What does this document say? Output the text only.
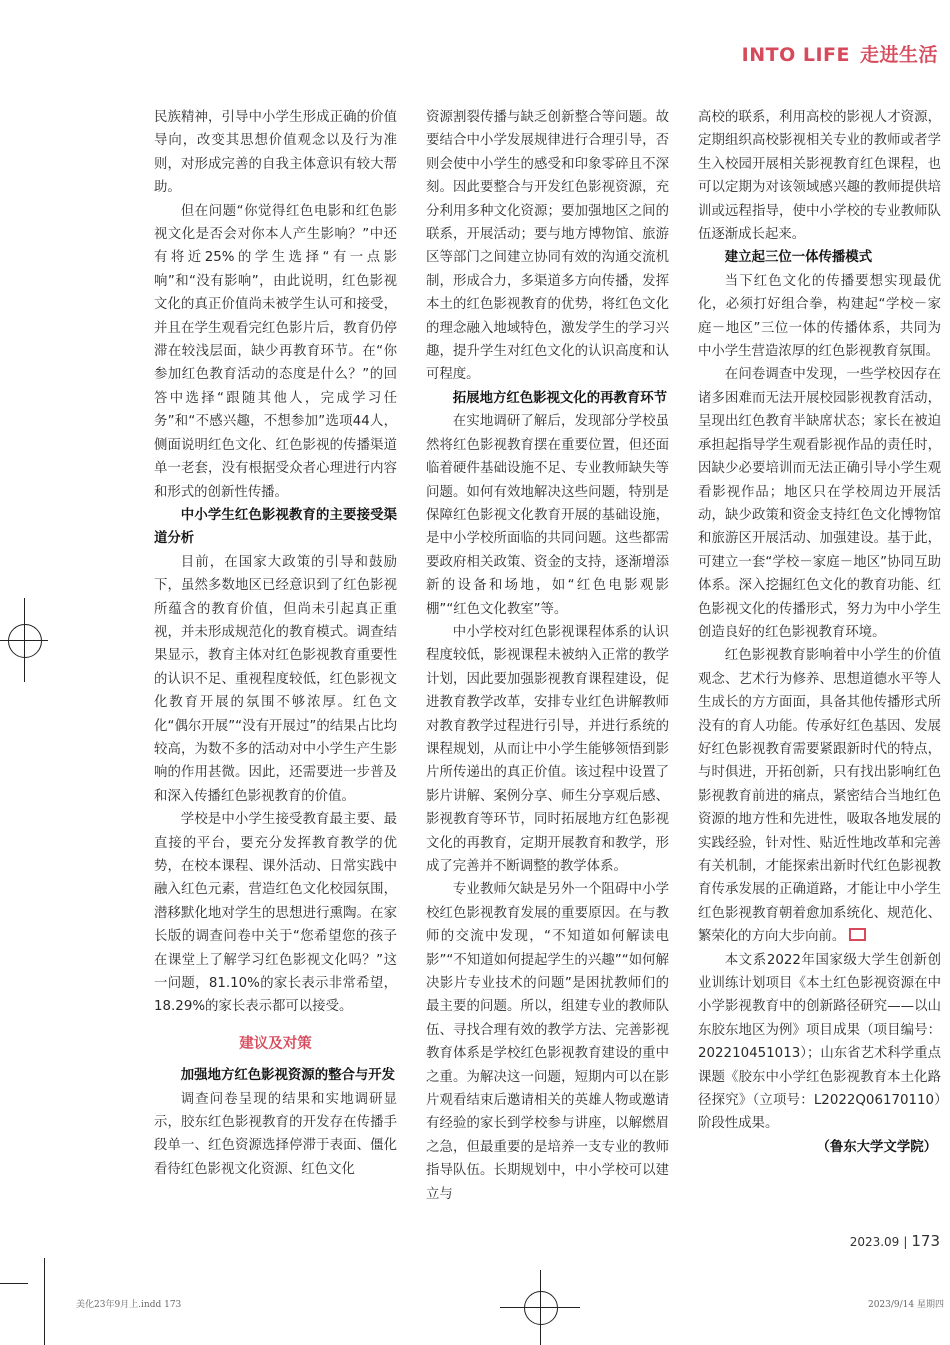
INTO LIFE 走进生活

民族精神，引导中小学生形成正确的价值导向，改变其思想价值观念以及行为准则，对形成完善的自我主体意识有较大帮助。

但在问题“你觉得红色电影和红色影视文化是否会对你本人产生影响？”中还有将近25%的学生选择“有一点影响”和“没有影响”，由此说明，红色影视文化的真正价值尚未被学生认可和接受，并且在学生观看完红色影片后，教育仍停滞在较浅层面，缺少再教育环节。在“你参加红色教育活动的态度是什么？”的回答中选择“跟随其他人，完成学习任务”和“不感兴趣，不想参加”选项44人，侧面说明红色文化、红色影视的传播渠道单一老套，没有根据受众者心理进行内容和形式的创新性传播。

中小学生红色影视教育的主要接受渠道分析

目前，在国家大政策的引导和鼓励下，虽然多数地区已经意识到了红色影视所蕴含的教育价值，但尚未引起真正重视，并未形成规范化的教育模式。调查结果显示，教育主体对红色影视教育重要性的认识不足、重视程度较低，红色影视文化教育开展的氛围不够浓厚。红色文化“偶尔开展”“没有开展过”的结果占比均较高，为数不多的活动对中小学生产生影响的作用甚微。因此，还需要进一步普及和深入传播红色影视教育的价值。

学校是中小学生接受教育最主要、最直接的平台，要充分发挥教育教学的优势，在校本课程、课外活动、日常实践中融入红色元素，营造红色文化校园氛围，潜移默化地对学生的思想进行熏陶。在家长版的调查问卷中关于“您希望您的孩子在课堂上了解学习红色影视文化吗？”这一问题，81.10%的家长表示非常希望，18.29%的家长表示都可以接受。

建议及对策
加强地方红色影视资源的整合与开发

调查问卷呈现的结果和实地调研显示，胶东红色影视教育的开发存在传播手段单一、红色资源选择停滞于表面、僵化看待红色影视文化资源、红色文化

资源割裂传播与缺乏创新整合等问题。故要结合中小学发展规律进行合理引导，否则会使中小学生的感受和印象零碎且不深刻。因此要整合与开发红色影视资源，充分利用多种文化资源；要加强地区之间的联系，开展活动；要与地方博物馆、旅游区等部门之间建立协同有效的沟通交流机制，形成合力，多渠道多方向传播，发挥本土的红色影视教育的优势，将红色文化的理念融入地域特色，激发学生的学习兴趣，提升学生对红色文化的认识高度和认可程度。

拓展地方红色影视文化的再教育环节

在实地调研了解后，发现部分学校虽然将红色影视教育摆在重要位置，但还面临着硬件基础设施不足、专业教师缺失等问题。如何有效地解决这些问题，特别是保障红色影视文化教育开展的基础设施，是中小学校所面临的共同问题。这些都需要政府相关政策、资金的支持，逐渐增添新的设备和场地，如“红色电影观影棚”“红色文化教室”等。

中小学校对红色影视课程体系的认识程度较低，影视课程未被纳入正常的教学计划，因此要加强影视教育课程建设，促进教育教学改革，安排专业红色讲解教师对教育教学过程进行引导，并进行系统的课程规划，从而让中小学生能够领悟到影片所传递出的真正价值。该过程中设置了影片讲解、案例分享、师生分享观后感、影视教育等环节，同时拓展地方红色影视文化的再教育，定期开展教育和教学，形成了完善并不断调整的教学体系。

专业教师欠缺是另外一个阻碍中小学校红色影视教育发展的重要原因。在与教师的交流中发现，“不知道如何解读电影”“不知道如何提起学生的兴趣”“如何解决影片专业技术的问题”是困扰教师们的最主要的问题。所以，组建专业的教师队伍、寻找合理有效的教学方法、完善影视教育体系是学校红色影视教育建设的重中之重。为解决这一问题，短期内可以在影片观看结束后邀请相关的英雄人物或邀请有经验的家长到学校参与讲座，以解燃眉之急，但最重要的是培养一支专业的教师指导队伍。长期规划中，中小学校可以建立与

高校的联系，利用高校的影视人才资源，定期组织高校影视相关专业的教师或者学生入校园开展相关影视教育红色课程，也可以定期为对该领域感兴趣的教师提供培训或远程指导，使中小学校的专业教师队伍逐渐成长起来。

建立起三位一体传播模式

当下红色文化的传播要想实现最优化，必须打好组合拳，构建起“学校－家庭－地区”三位一体的传播体系，共同为中小学生营造浓厚的红色影视教育氛围。

在问卷调查中发现，一些学校因存在诸多困难而无法开展校园影视教育活动，呈现出红色教育半缺席状态；家长在被迫承担起指导学生观看影视作品的责任时，因缺少必要培训而无法正确引导小学生观看影视作品；地区只在学校周边开展活动，缺少政策和资金支持红色文化博物馆和旅游区开展活动、加强建设。基于此，可建立一套“学校－家庭－地区”协同互助体系。深入挖掘红色文化的教育功能、红色影视文化的传播形式，努力为中小学生创造良好的红色影视教育环境。

红色影视教育影响着中小学生的价值观念、艺术行为修养、思想道德水平等人生成长的方方面面，具备其他传播形式所没有的育人功能。传承好红色基因、发展好红色影视教育需要紧跟新时代的特点，与时俱进，开拓创新，只有找出影响红色影视教育前进的痛点，紧密结合当地红色资源的地方性和先进性，吸取各地发展的实践经验，针对性、贴近性地改革和完善有关机制，才能探索出新时代红色影视教育传承发展的正确道路，才能让中小学生红色影视教育朝着愈加系统化、规范化、繁荣化的方向大步向前。

本文系2022年国家级大学生创新创业训练计划项目《本土红色影视资源在中小学影视教育中的创新路径研究——以山东胶东地区为例》项目成果（项目编号：202210451013）；山东省艺术科学重点课题《胶东中小学红色影视教育本土化路径探究》（立项号：L2022Q06170110）阶段性成果。

（鲁东大学文学院）

2023.09 | 173
美化23年9月上.indd 173	2023/9/14 星期四
